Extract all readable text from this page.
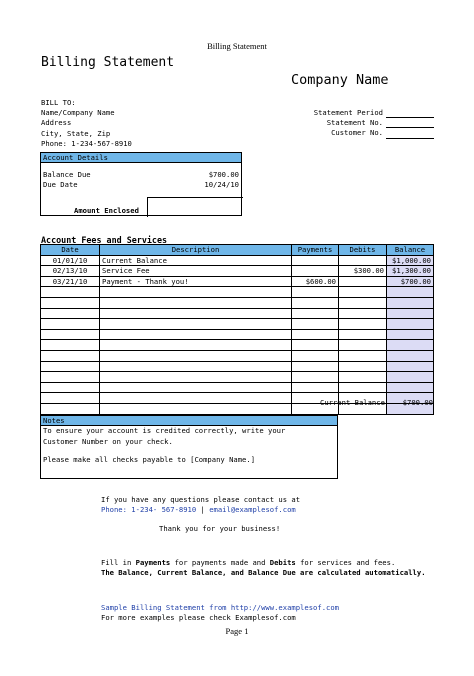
Billing Statement
Billing Statement
Company Name
BILL TO:
Name/Company Name
Address
City, State, Zip
Phone: 1-234-567-8910
Statement Period
Statement No.
Customer No.
Account Details
Balance Due	$700.00
Due Date	10/24/10
Amount Enclosed
Account Fees and Services
Date	Description	Payments	Debits	Balance
01/01/10	Current Balance			$1,000.00
02/13/10	Service Fee		$300.00	$1,300.00
03/21/10	Payment - Thank you!	$600.00		$700.00

Current Balance	$700.00
Notes
To ensure your account is credited correctly, write your
Customer Number on your check.
Please make all checks payable to [Company Name.]
If you have any questions please contact us at
Phone: 1-234- 567-8910 | email@examplesof.com
Thank you for your business!
Fill in Payments for payments made and Debits for services and fees.
The Balance, Current Balance, and Balance Due are calculated automatically.
Sample Billing Statement from http://www.examplesof.com
For more examples please check Examplesof.com
Page 1
